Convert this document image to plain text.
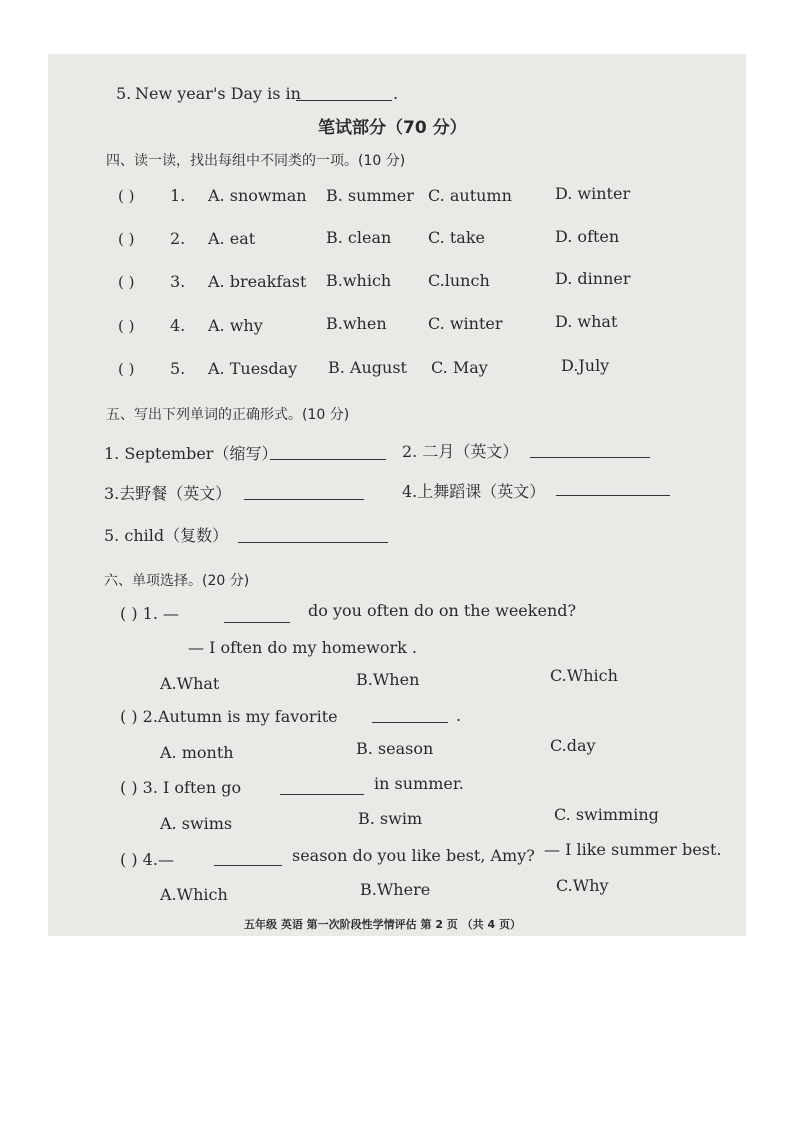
5. New year's Day is in	.
笔试部分（70 分）
四、读一读，找出每组中不同类的一项。(10 分)
( ) 1. A. snowman B. summer C. autumn	D. winter
( ) 2. A. eat	B. clean C. take	D. often
( ) 3. A. breakfast B.which C.lunch	D. dinner
( ) 4. A. why	B.when	C. winter	D. what
( ) 5. A. Tuesday B. August C. May	D.July
五、写出下列单词的正确形式。(10 分)
1. September（缩写）	2. 二月（英文）
3.去野餐（英文）	4.上舞蹈课（英文）
5. child（复数）
六、单项选择。(20 分)
( ) 1. —	do you often do on the weekend?
— I often do my homework .
A.What	B.When	C.Which
( ) 2.Autumn is my favorite	.
A. month	B. season	C.day
( ) 3. I often go	in summer.
A. swims	B. swim	C. swimming
( ) 4.—	season do you like best, Amy? — I like summer best.
A.Which	B.Where	C.Why
五年级 英语 第一次阶段性学情评估 第 2 页 （共 4 页）
